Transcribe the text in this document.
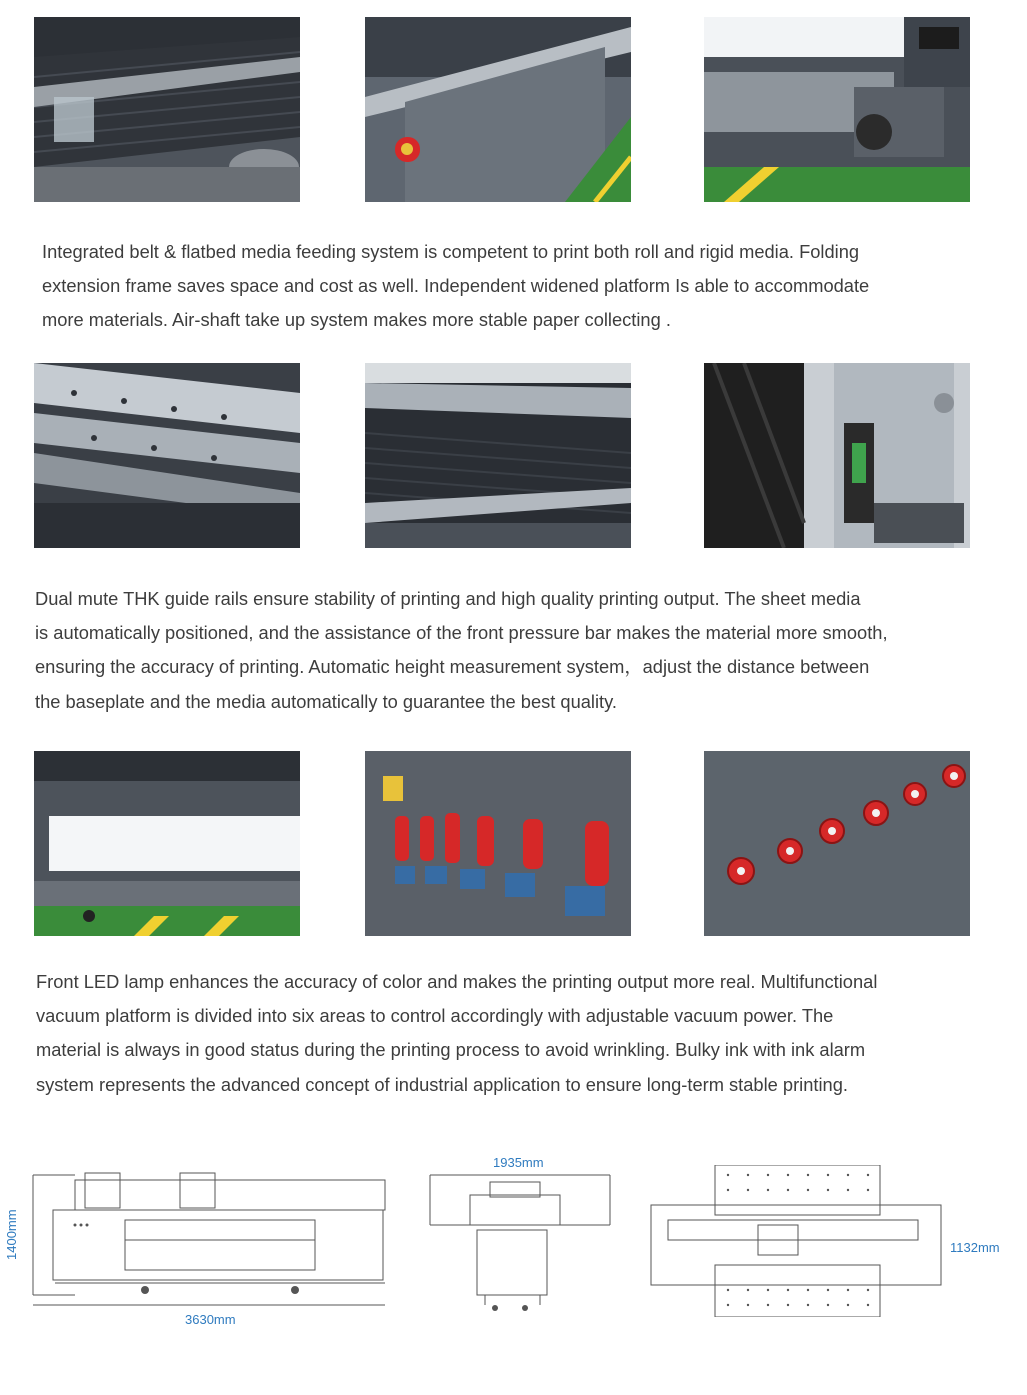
Integrated belt & flatbed media feeding system is competent to print both roll and rigid media. Folding
extension frame saves space and cost as well. Independent widened platform Is able to accommodate
more materials. Air-shaft take up system makes more stable paper collecting .

Dual mute THK guide rails ensure stability of printing and high quality printing output. The sheet media
is automatically positioned, and the assistance of the front pressure bar makes the material more smooth,
ensuring the accuracy of printing. Automatic height measurement system，adjust the distance between
the baseplate and the media automatically to guarantee the best quality.

Front LED lamp enhances the accuracy of color and makes the printing output more real. Multifunctional
vacuum platform is divided into six areas to control accordingly with adjustable vacuum power. The
material is always in good status during the printing process to avoid wrinkling. Bulky ink with ink alarm
system represents the advanced concept of industrial application to ensure long-term stable printing.

1400mm
3630mm
1935mm
1132mm
